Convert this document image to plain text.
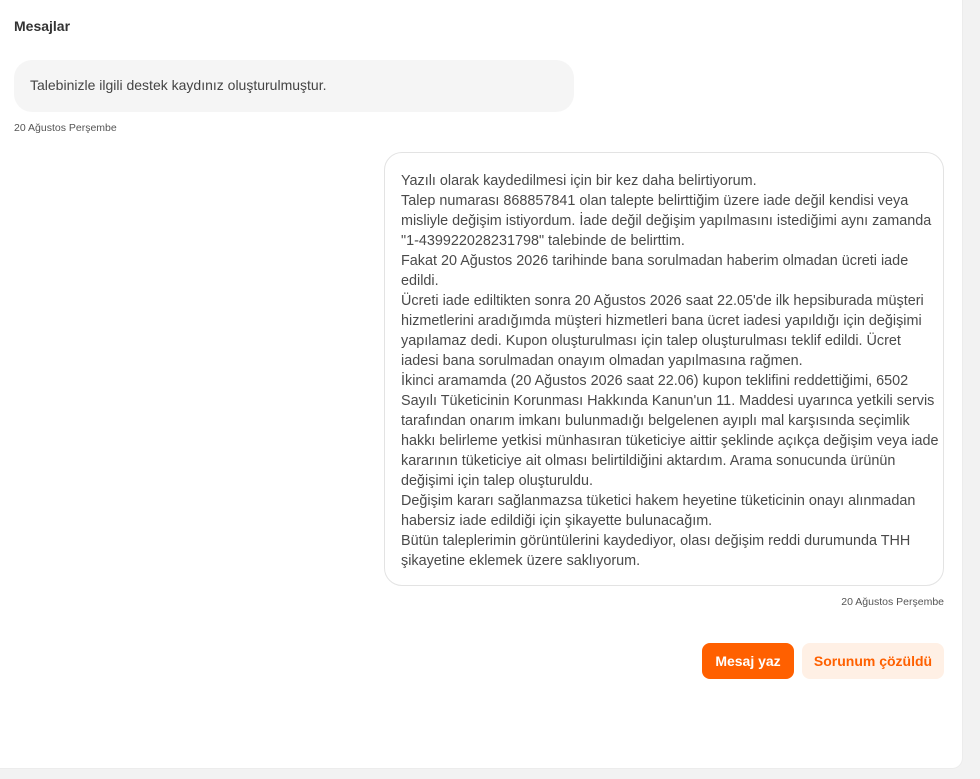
Mesajlar
Talebinizle ilgili destek kaydınız oluşturulmuştur.
20 Ağustos Perşembe
Yazılı olarak kaydedilmesi için bir kez daha belirtiyorum.
Talep numarası 868857841 olan talepte belirttiğim üzere iade değil kendisi veya
misliyle değişim istiyordum. İade değil değişim yapılmasını istediğimi aynı zamanda
"1-439922028231798" talebinde de belirttim.
Fakat 20 Ağustos 2026 tarihinde bana sorulmadan haberim olmadan ücreti iade
edildi.
Ücreti iade ediltikten sonra 20 Ağustos 2026 saat 22.05'de ilk hepsiburada müşteri
hizmetlerini aradığımda müşteri hizmetleri bana ücret iadesi yapıldığı için değişimi
yapılamaz dedi. Kupon oluşturulması için talep oluşturulması teklif edildi. Ücret
iadesi bana sorulmadan onayım olmadan yapılmasına rağmen.
İkinci aramamda (20 Ağustos 2026 saat 22.06) kupon teklifini reddettiğimi, 6502
Sayılı Tüketicinin Korunması Hakkında Kanun'un 11. Maddesi uyarınca yetkili servis
tarafından onarım imkanı bulunmadığı belgelenen ayıplı mal karşısında seçimlik
hakkı belirleme yetkisi münhasıran tüketiciye aittir şeklinde açıkça değişim veya iade
kararının tüketiciye ait olması belirtildiğini aktardım. Arama sonucunda ürünün
değişimi için talep oluşturuldu.
Değişim kararı sağlanmazsa tüketici hakem heyetine tüketicinin onayı alınmadan
habersiz iade edildiği için şikayette bulunacağım.
Bütün taleplerimin görüntülerini kaydediyor, olası değişim reddi durumunda THH
şikayetine eklemek üzere saklıyorum.
20 Ağustos Perşembe
Mesaj yaz	Sorunum çözüldü
